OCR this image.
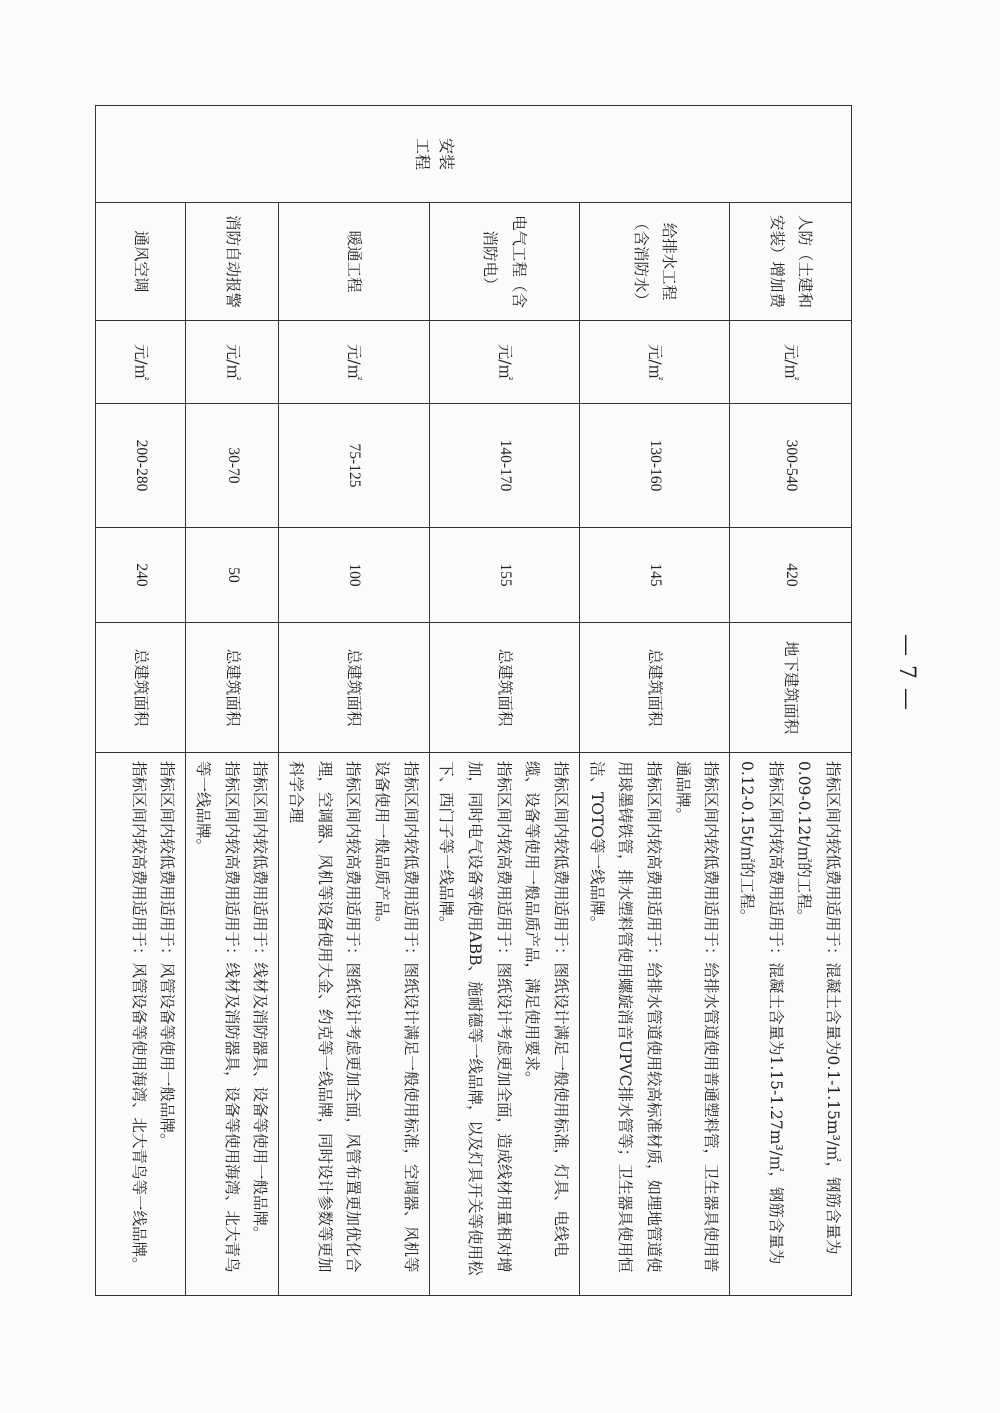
安装工程	人防（土建和安装）增加费	元/㎡	300-540	420	地下建筑面积	指标区间内较低费用适用于：混凝土含量为0.1-1.15m³/㎡，钢筋含量为0.09-0.12t/㎡的工程。

指标区间内较高费用适用于：混凝土含量为1.15-1.27m³/㎡，钢筋含量为0.12-0.15t/㎡的工程。

	给排水工程（含消防水）	元/㎡	130-160	145	总建筑面积	指标区间内较低费用适用于：给排水管道使用普通塑料管，卫生器具使用普通品牌。

指标区间内较高费用适用于：给排水管道使用较高标准材质，如埋地管道使用球墨铸铁管，排水塑料管使用螺旋消音UPVC排水管等；卫生器具使用恒洁、TOTO等一线品牌。

	电气工程（含消防电）	元/㎡	140-170	155	总建筑面积	指标区间内较低费用适用于：图纸设计满足一般使用标准，灯具、电线电缆、设备等使用一般品质产品，满足使用要求。

指标区间内较高费用适用于：图纸设计考虑更加全面，造成线材用量相对增加，同时电气设备等使用ABB、施耐德等一线品牌，以及灯具开关等使用松下、西门子等一线品牌。

	暖通工程	元/㎡	75-125	100	总建筑面积	指标区间内较低费用适用于：图纸设计满足一般使用标准，空调器、风机等设备使用一般品质产品。

指标区间内较高费用适用于：图纸设计考虑更加全面，风管布置更加优化合理，空调器、风机等设备使用大金、约克等一线品牌，同时设计参数等更加科学合理

	消防自动报警	元/㎡	30-70	50	总建筑面积	指标区间内较低费用适用于：线材及消防器具、设备等使用一般品牌。

指标区间内较高费用适用于：线材及消防器具，设备等使用海湾、北大青鸟等一线品牌。

	通风空调	元/㎡	200-280	240	总建筑面积	指标区间内较低费用适用于：风管设备等使用一般品牌。

指标区间内较高费用适用于：风管设备等使用海湾、北大青鸟等一线品牌。

— 7 —
